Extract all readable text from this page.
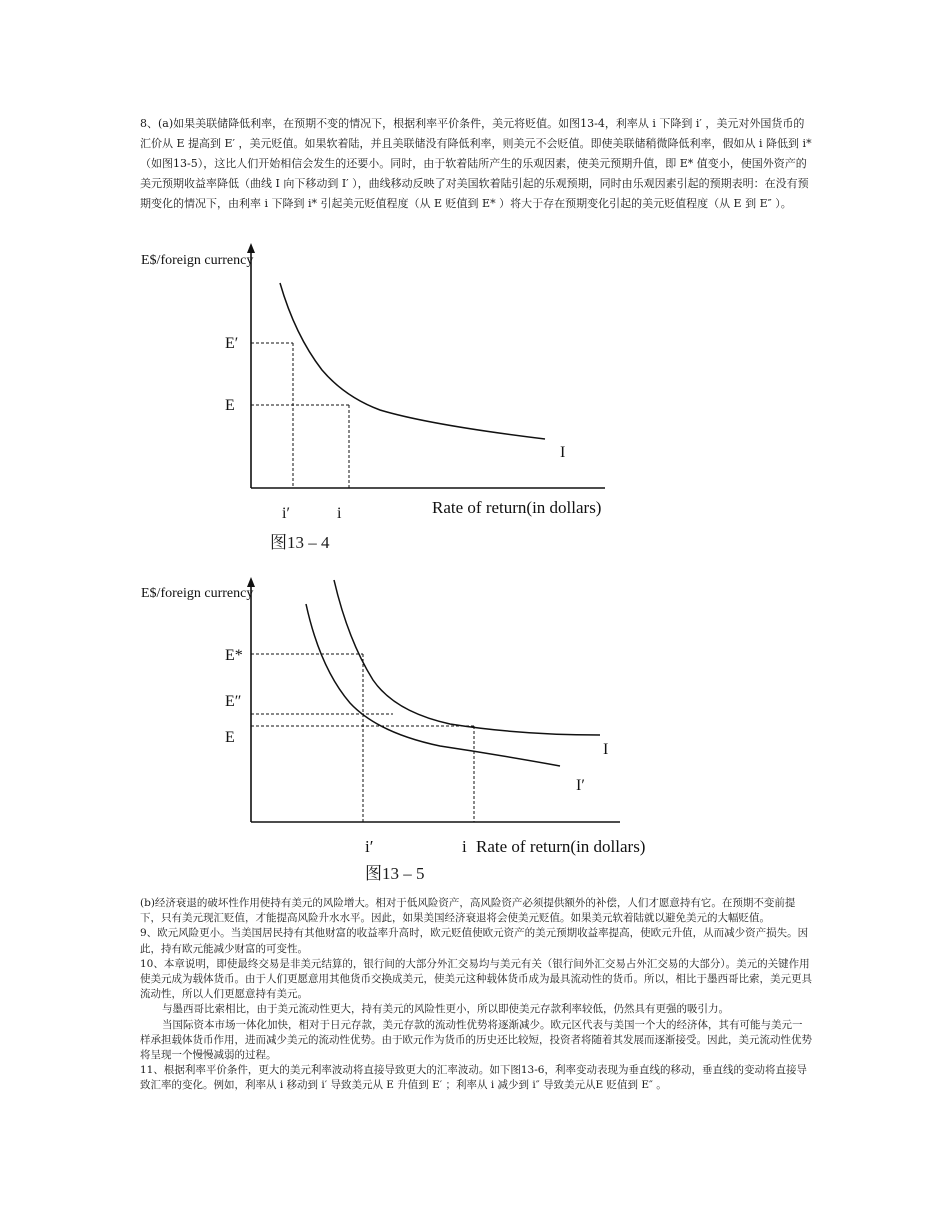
8、(a)如果美联储降低利率，在预期不变的情况下，根据利率平价条件，美元将贬值。如图13-4，利率从 i 下降到 i′ ，美元对外国货币的汇价从 E 提高到 E′ ，美元贬值。如果软着陆，并且美联储没有降低利率，则美元不会贬值。即使美联储稍微降低利率，假如从 i 降低到 i* （如图13-5），这比人们开始相信会发生的还要小。同时，由于软着陆所产生的乐观因素，使美元预期升值，即 E* 值变小，使国外资产的美元预期收益率降低（曲线 I 向下移动到 I′ ），曲线移动反映了对美国软着陆引起的乐观预期，同时由乐观因素引起的预期表明：在没有预期变化的情况下，由利率 i 下降到 i* 引起美元贬值程度（从 E 贬值到 E* ）将大于存在预期变化引起的美元贬值程度（从 E 到 E″ ）。
E$/foreign currency
E′
E
I
i′	i	Rate of return(in dollars)
图13 – 4
E$/foreign currency
E*
E″
E
I
I′
i′	i Rate of return(in dollars)
图13 – 5

(b)经济衰退的破坏性作用使持有美元的风险增大。相对于低风险资产，高风险资产必须提供额外的补偿，人们才愿意持有它。在预期不变前提下，只有美元现汇贬值，才能提高风险升水水平。因此，如果美国经济衰退将会使美元贬值。如果美元软着陆就以避免美元的大幅贬值。

9、欧元风险更小。当美国居民持有其他财富的收益率升高时，欧元贬值使欧元资产的美元预期收益率提高，使欧元升值，从而减少资产损失。因此，持有欧元能减少财富的可变性。

10、本章说明，即使最终交易是非美元结算的，银行间的大部分外汇交易均与美元有关（银行间外汇交易占外汇交易的大部分）。美元的关键作用使美元成为载体货币。由于人们更愿意用其他货币交换成美元，使美元这种载体货币成为最具流动性的货币。所以，相比于墨西哥比索，美元更具流动性，所以人们更愿意持有美元。

与墨西哥比索相比，由于美元流动性更大，持有美元的风险性更小，所以即使美元存款利率较低，仍然具有更强的吸引力。

当国际资本市场一体化加快，相对于日元存款，美元存款的流动性优势将逐渐减少。欧元区代表与美国一个大的经济体，其有可能与美元一样承担载体货币作用，进而减少美元的流动性优势。由于欧元作为货币的历史还比较短，投资者将随着其发展而逐渐接受。因此，美元流动性优势将呈现一个慢慢减弱的过程。

11、根据利率平价条件，更大的美元利率波动将直接导致更大的汇率波动。如下图13-6，利率变动表现为垂直线的移动，垂直线的变动将直接导致汇率的变化。例如，利率从 i 移动到 i′ 导致美元从 E 升值到 E′ ；利率从 i 减少到 i″ 导致美元从E 贬值到 E″ 。
